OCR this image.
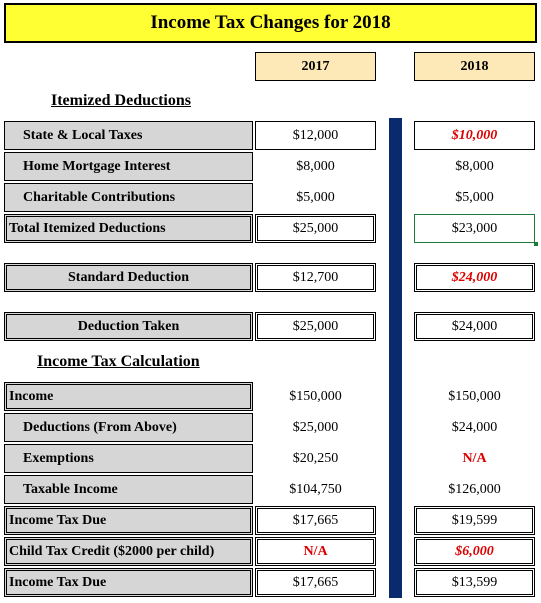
Income Tax Changes for 2018
2017	2018
Itemized Deductions
State & Local Taxes	$12,000	$10,000
Home Mortgage Interest	$8,000	$8,000
Charitable Contributions	$5,000	$5,000
Total Itemized Deductions	$25,000	$23,000
Standard Deduction	$12,700	$24,000
Deduction Taken	$25,000	$24,000
Income Tax Calculation
Income	$150,000	$150,000
Deductions (From Above)	$25,000	$24,000
Exemptions	$20,250	N/A
Taxable Income	$104,750	$126,000
Income Tax Due	$17,665	$19,599
Child Tax Credit ($2000 per child)	N/A	$6,000
Income Tax Due	$17,665	$13,599
